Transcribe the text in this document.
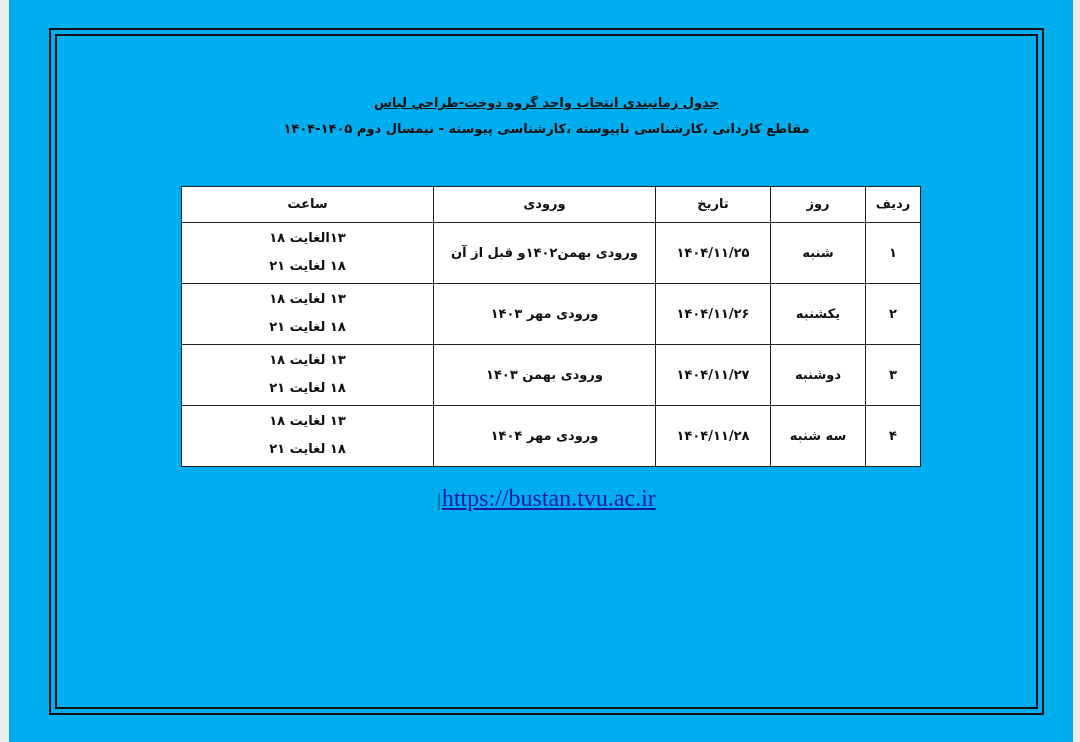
جدول زمانبندي انتخاب واحد گروه دوخت-طراحي لباس
مقاطع کاردانی ،کارشناسی ناپیوسته ،کارشناسی پیوسته - نیمسال دوم ۱۴۰۵-۱۴۰۴
ردیف	روز	تاریخ	ورودی	ساعت
۱	شنبه	۱۴۰۴/۱۱/۲۵	ورودی بهمن۱۴۰۲و قبل از آن	۱۳الغایت ۱۸
۱۸ لغایت ۲۱

۲	یکشنبه	۱۴۰۴/۱۱/۲۶	ورودی مهر ۱۴۰۳	۱۳ لغایت ۱۸
۱۸ لغایت ۲۱

۳	دوشنبه	۱۴۰۴/۱۱/۲۷	ورودی بهمن ۱۴۰۳	۱۳ لغایت ۱۸
۱۸ لغایت ۲۱

۴	سه شنبه	۱۴۰۴/۱۱/۲۸	ورودی مهر ۱۴۰۴	۱۳ لغایت ۱۸
۱۸ لغایت ۲۱
|https://bustan.tvu.ac.ir
